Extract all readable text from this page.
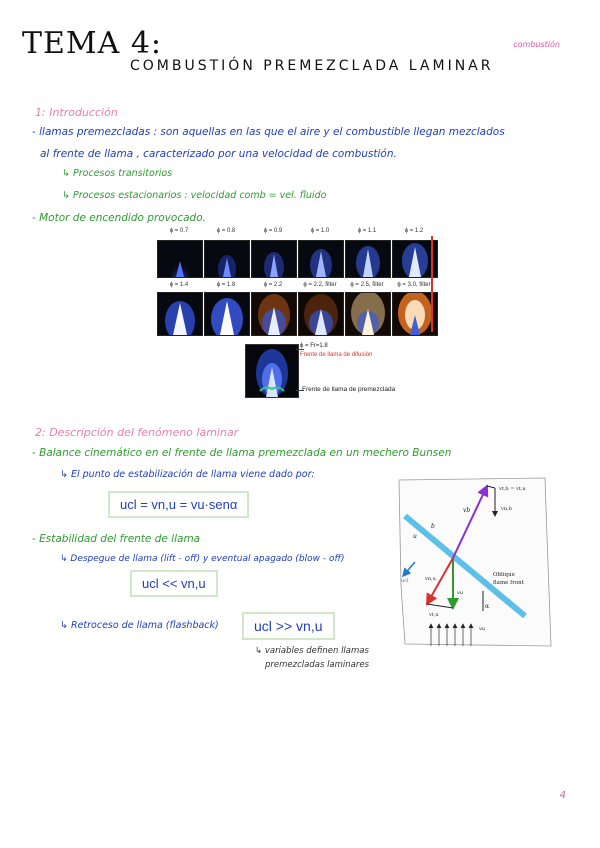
TEMA 4:
COMBUSTIÓN PREMEZCLADA LAMINAR
combustión
1: Introducción
- llamas premezcladas : son aquellas en las que el aire y el combustible llegan mezclados
al frente de llama , caracterizado por una velocidad de combustión.
↳ Procesos transitorios
↳ Procesos estacionarios : velocidad comb = vel. fluido
- Motor de encendido provocado.
ϕ = 0.7	ϕ = 0.8	ϕ = 0.9	ϕ = 1.0	ϕ = 1.1	ϕ = 1.2
ϕ = 1.4	ϕ = 1.8	ϕ = 2.2	ϕ = 2.2, filter	ϕ = 2.5, filter	ϕ = 3.0, filter
ϕ = Fr=1.8
Frente de llama de difusión
Frente de llama de premezclada
2: Descripción del fenómeno laminar
- Balance cinemático en el frente de llama premezclada en un mechero Bunsen
↳ El punto de estabilización de llama viene dado por:
ucl = vn,u = vu·senα
- Estabilidad del frente de llama
↳ Despegue de llama (lift - off) y eventual apagado (blow - off)
ucl << vn,u
↳ Retroceso de llama (flashback)	ucl >> vn,u
↳ variables definen llamas
premezcladas laminares
vt,b = vt,u
vb	vn,b
b
u
ucl	vn,u
vu
vt,u
α
Oblique
flame front
vu
4
